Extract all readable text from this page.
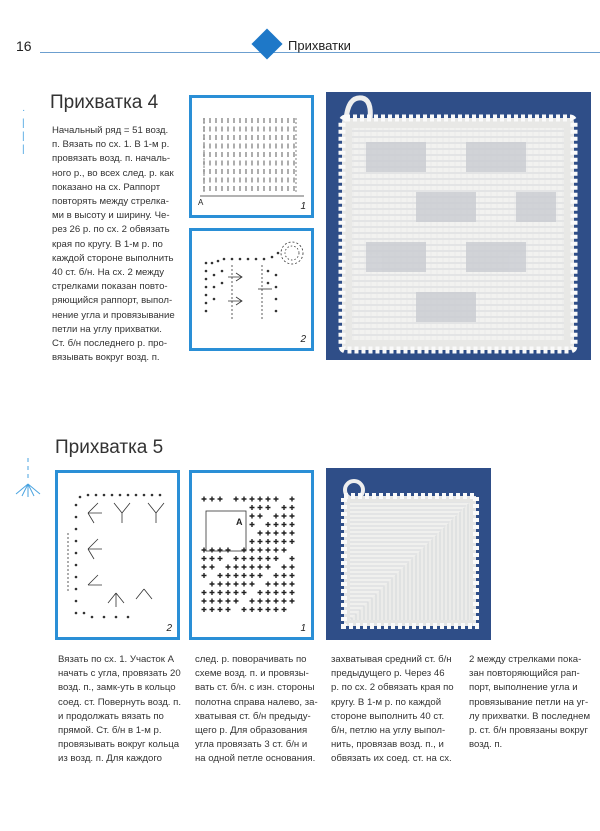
16	Прихватки
·
|
|
|
Прихватка 4
Начальный ряд = 51 возд.
п. Вязать по сх. 1. В 1-м р.
провязать возд. п. началь-
ного р., во всех след. р. как
показано на сх. Раппорт
повторять между стрелка-
ми в высоту и ширину. Че-
рез 26 р. по сх. 2 обвязать
края по кругу. В 1-м р. по
каждой стороне выполнить
40 ст. б/н. На сх. 2 между
стрелками показан повто-
ряющийся раппорт, выпол-
нение угла и провязывание
петли на углу прихватки.
Ст. б/н последнего р. про-
вязывать вокруг возд. п.
A	1
2
Прихватка 5
2
A
1
Вязать по сх. 1. Участок А
начать с угла, провязать 20
возд. п., замк-уть в кольцо
соед. ст. Повернуть возд. п.
и продолжать вязать по
прямой. Ст. б/н в 1-м р.
провязывать вокруг кольца
из возд. п. Для каждого
след. р. поворачивать по
схеме возд. п. и провязы-
вать ст. б/н. с изн. стороны
полотна справа налево, за-
хватывая ст. б/н предыду-
щего р. Для образования
угла провязать 3 ст. б/н и
на одной петле основания.
захватывая средний ст. б/н
предыдущего р. Через 46
р. по сх. 2 обвязать края по
кругу. В 1-м р. по каждой
стороне выполнить 40 ст.
б/н, петлю на углу выпол-
нить, провязав возд. п., и
обвязать их соед. ст. на сх.
2 между стрелками пока-
зан повторяющийся рап-
порт, выполнение угла и
провязывание петли на уг-
лу прихватки. В последнем
р. ст. б/н провязаны вокруг
возд. п.
